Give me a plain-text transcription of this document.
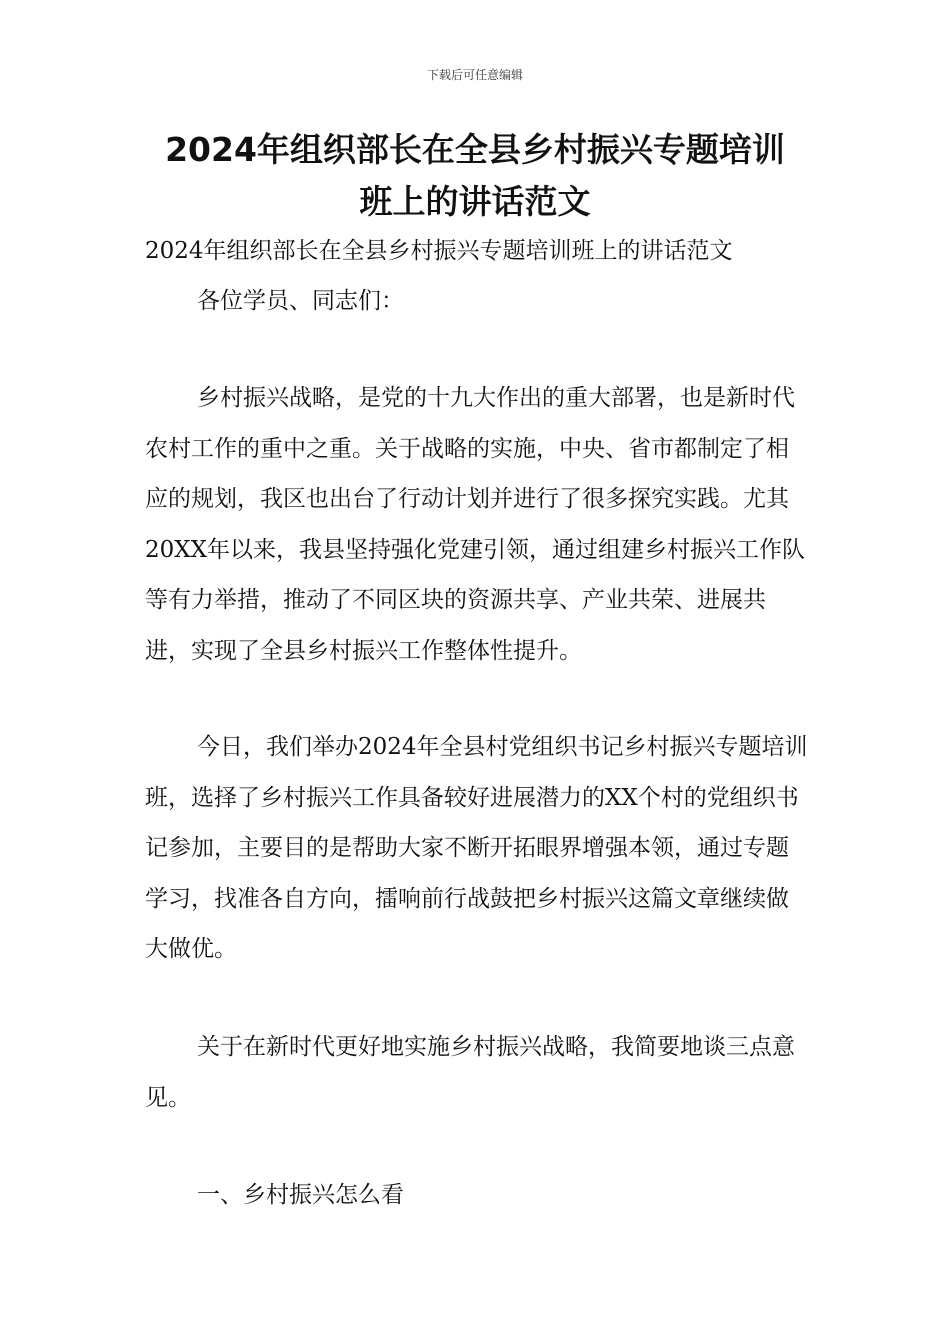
下载后可任意编辑
2024年组织部长在全县乡村振兴专题培训
班上的讲话范文

2024年组织部长在全县乡村振兴专题培训班上的讲话范文

各位学员、同志们：

乡村振兴战略，是党的十九大作出的重大部署，也是新时代农村工作的重中之重。关于战略的实施，中央、省市都制定了相应的规划，我区也出台了行动计划并进行了很多探究实践。尤其20XX年以来，我县坚持强化党建引领，通过组建乡村振兴工作队等有力举措，推动了不同区块的资源共享、产业共荣、进展共进，实现了全县乡村振兴工作整体性提升。

今日，我们举办2024年全县村党组织书记乡村振兴专题培训班，选择了乡村振兴工作具备较好进展潜力的XX个村的党组织书记参加，主要目的是帮助大家不断开拓眼界增强本领，通过专题学习，找准各自方向，擂响前行战鼓把乡村振兴这篇文章继续做大做优。

关于在新时代更好地实施乡村振兴战略，我简要地谈三点意见。

一、乡村振兴怎么看
